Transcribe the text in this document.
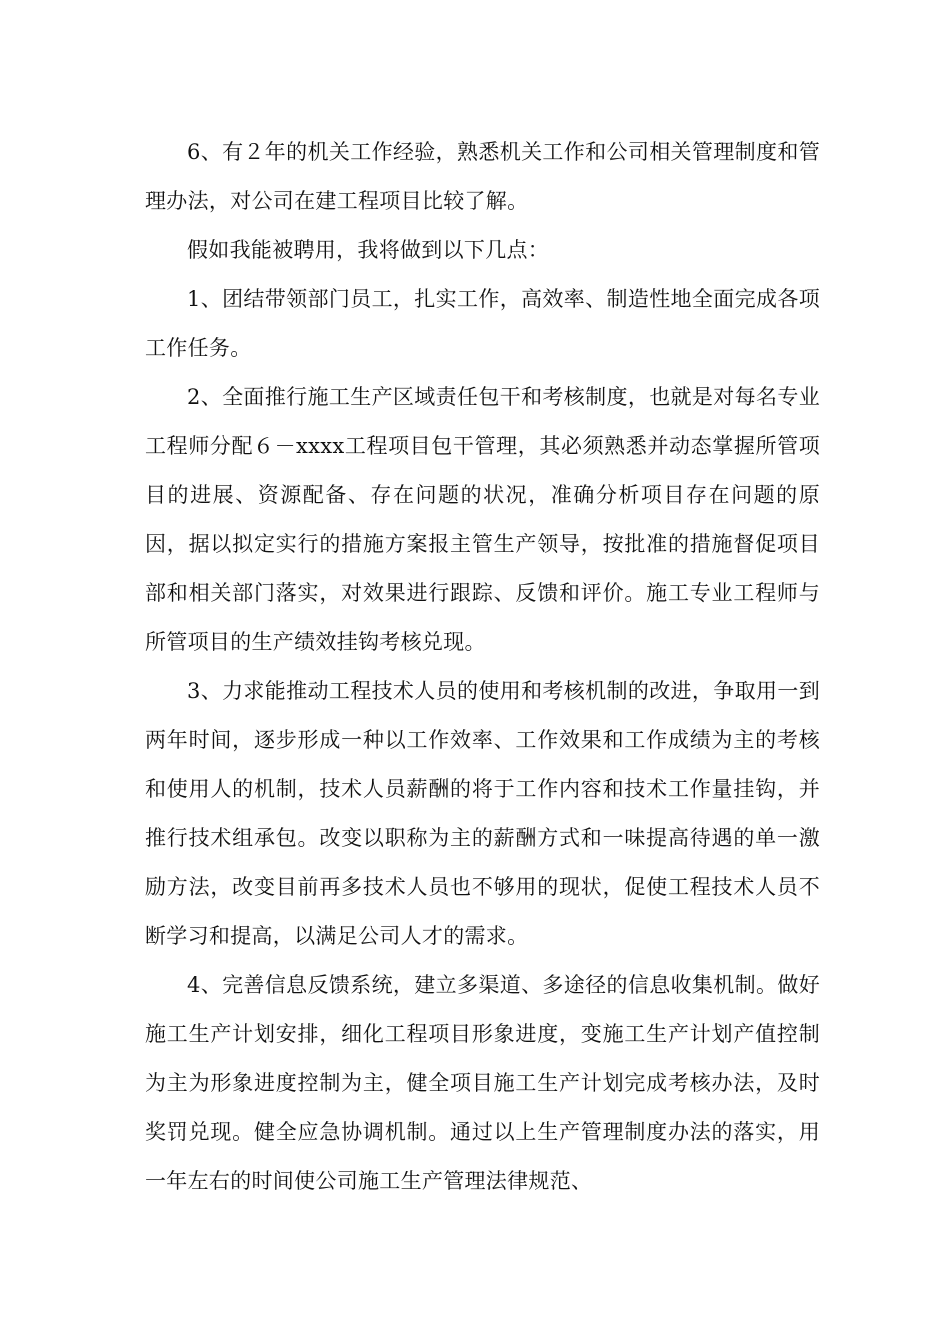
6、有２年的机关工作经验，熟悉机关工作和公司相关管理制度和管理办法，对公司在建工程项目比较了解。

假如我能被聘用，我将做到以下几点：

1、团结带领部门员工，扎实工作，高效率、制造性地全面完成各项工作任务。

2、全面推行施工生产区域责任包干和考核制度，也就是对每名专业工程师分配６－xxxx工程项目包干管理，其必须熟悉并动态掌握所管项目的进展、资源配备、存在问题的状况，准确分析项目存在问题的原因，据以拟定实行的措施方案报主管生产领导，按批准的措施督促项目部和相关部门落实，对效果进行跟踪、反馈和评价。施工专业工程师与所管项目的生产绩效挂钩考核兑现。

3、力求能推动工程技术人员的使用和考核机制的改进，争取用一到两年时间，逐步形成一种以工作效率、工作效果和工作成绩为主的考核和使用人的机制，技术人员薪酬的将于工作内容和技术工作量挂钩，并推行技术组承包。改变以职称为主的薪酬方式和一味提高待遇的单一激励方法，改变目前再多技术人员也不够用的现状，促使工程技术人员不断学习和提高，以满足公司人才的需求。

4、完善信息反馈系统，建立多渠道、多途径的信息收集机制。做好施工生产计划安排，细化工程项目形象进度，变施工生产计划产值控制为主为形象进度控制为主，健全项目施工生产计划完成考核办法，及时奖罚兑现。健全应急协调机制。通过以上生产管理制度办法的落实，用一年左右的时间使公司施工生产管理法律规范、
